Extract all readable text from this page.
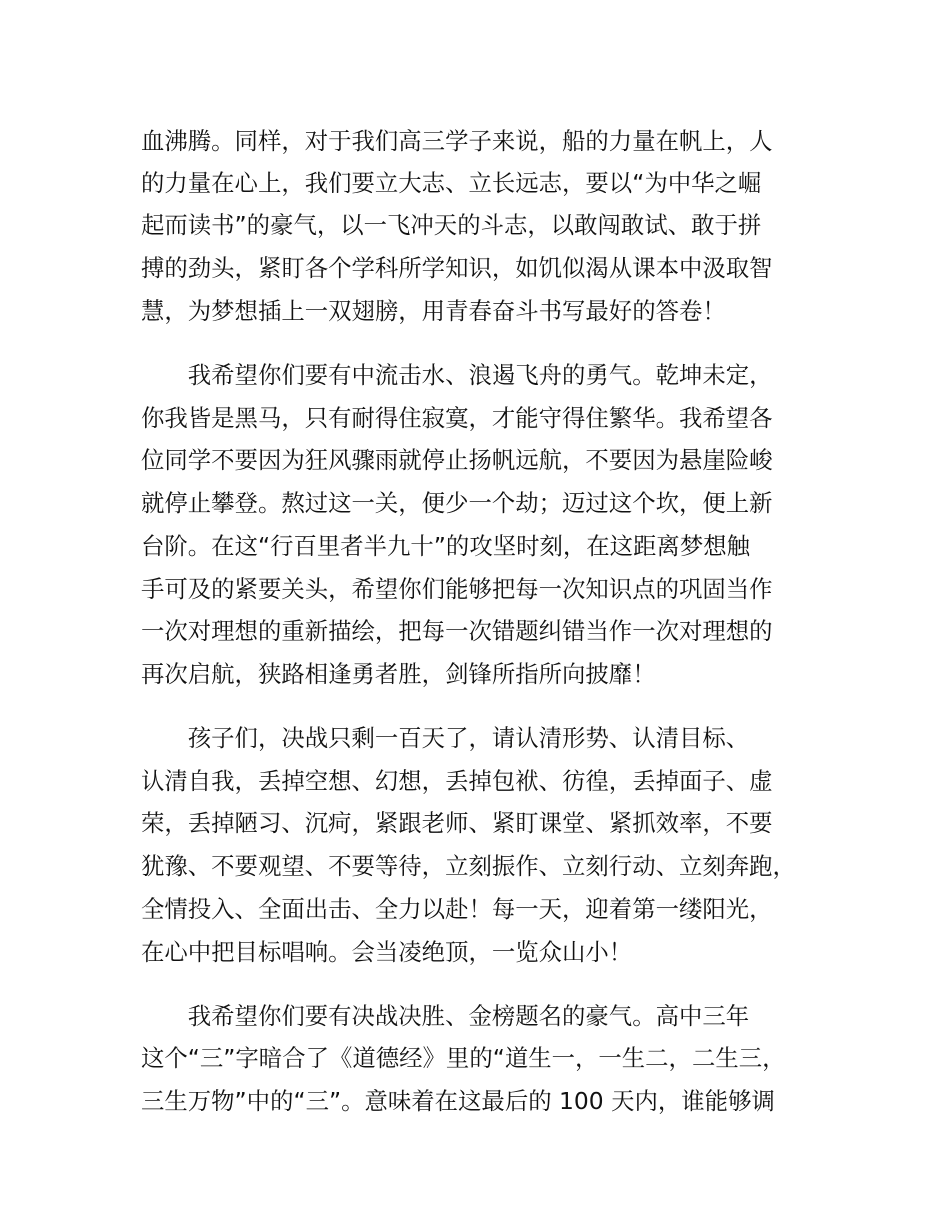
血沸腾。同样，对于我们高三学子来说，船的力量在帆上，人

的力量在心上，我们要立大志、立长远志，要以“为中华之崛

起而读书”的豪气，以一飞冲天的斗志，以敢闯敢试、敢于拼

搏的劲头，紧盯各个学科所学知识，如饥似渴从课本中汲取智

慧，为梦想插上一双翅膀，用青春奋斗书写最好的答卷！

　　我希望你们要有中流击水、浪遏飞舟的勇气。乾坤未定，

你我皆是黑马，只有耐得住寂寞，才能守得住繁华。我希望各

位同学不要因为狂风骤雨就停止扬帆远航，不要因为悬崖险峻

就停止攀登。熬过这一关，便少一个劫；迈过这个坎，便上新

台阶。在这“行百里者半九十”的攻坚时刻，在这距离梦想触

手可及的紧要关头，希望你们能够把每一次知识点的巩固当作

一次对理想的重新描绘，把每一次错题纠错当作一次对理想的

再次启航，狭路相逢勇者胜，剑锋所指所向披靡！

　　孩子们，决战只剩一百天了，请认清形势、认清目标、

认清自我，丢掉空想、幻想，丢掉包袱、彷徨，丢掉面子、虚

荣，丢掉陋习、沉疴，紧跟老师、紧盯课堂、紧抓效率，不要

犹豫、不要观望、不要等待，立刻振作、立刻行动、立刻奔跑，

全情投入、全面出击、全力以赴！每一天，迎着第一缕阳光，

在心中把目标唱响。会当凌绝顶，一览众山小！

　　我希望你们要有决战决胜、金榜题名的豪气。高中三年

这个“三”字暗合了《道德经》里的“道生一，一生二，二生三，

三生万物”中的“三”。意味着在这最后的 100 天内，谁能够调
